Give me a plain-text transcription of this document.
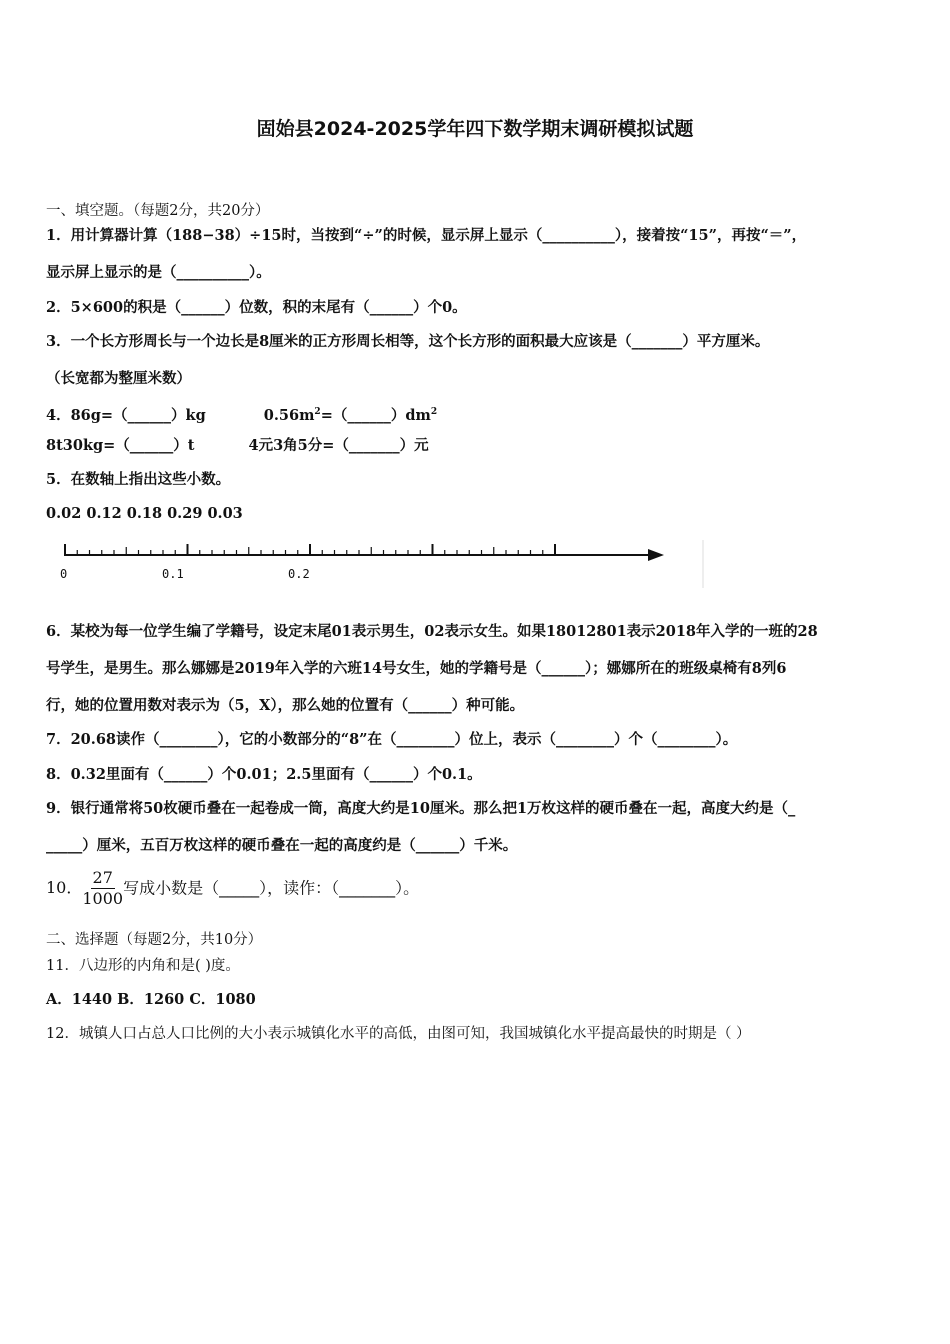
固始县2024-2025学年四下数学期末调研模拟试题
一、填空题。（每题2分，共20分）
1．用计算器计算（188−38）÷15时，当按到“÷”的时候，显示屏上显示（__________），接着按“15”，再按“＝”，
显示屏上显示的是（__________）。
2．5×600的积是（______）位数，积的末尾有（______）个0。
3．一个长方形周长与一个边长是8厘米的正方形周长相等，这个长方形的面积最大应该是（_______）平方厘米。
（长宽都为整厘米数）
4．86g=（______）kg	$0.56m^2=(\_\_\_\_\_\_)dm^2$
8t30kg=（______）t	4元3角5分=（_______）元
5．在数轴上指出这些小数。
0.02 0.12 0.18 0.29 0.03
0	0.1	0.2
6．某校为每一位学生编了学籍号，设定末尾01表示男生，02表示女生。如果18012801表示2018年入学的一班的28
号学生，是男生。那么娜娜是2019年入学的六班14号女生，她的学籍号是（______）；娜娜所在的班级桌椅有8列6
行，她的位置用数对表示为（5，X），那么她的位置有（______）种可能。
7．20.68读作（________），它的小数部分的“8”在（________）位上，表示（________）个（________）。
8．0.32里面有（______）个0.01；2.5里面有（______）个0.1。
9．银行通常将50枚硬币叠在一起卷成一筒，高度大约是10厘米。那么把1万枚这样的硬币叠在一起，高度大约是（_
_____）厘米，五百万枚这样的硬币叠在一起的高度约是（______）千米。
10． $\frac{27}{1000}$ 写成小数是（_____），读作：（_______）。
二、选择题（每题2分，共10分）
11．八边形的内角和是( )度。
A．1440 B．1260 C．1080
12．城镇人口占总人口比例的大小表示城镇化水平的高低，由图可知，我国城镇化水平提高最快的时期是（ ）
